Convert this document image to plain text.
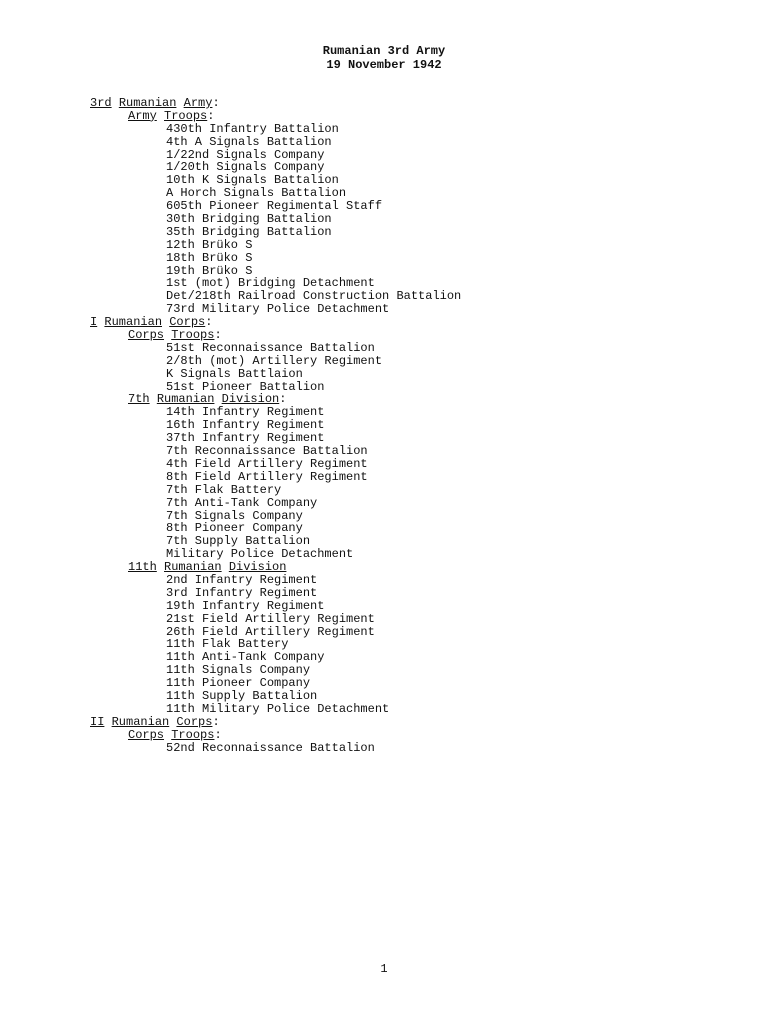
Rumanian 3rd Army
19 November 1942
3rd Rumanian Army:
Army Troops:
430th Infantry Battalion
4th A Signals Battalion
1/22nd Signals Company
1/20th Signals Company
10th K Signals Battalion
A Horch Signals Battalion
605th Pioneer Regimental Staff
30th Bridging Battalion
35th Bridging Battalion
12th Brüko S
18th Brüko S
19th Brüko S
1st (mot) Bridging Detachment
Det/218th Railroad Construction Battalion
73rd Military Police Detachment
I Rumanian Corps:
Corps Troops:
51st Reconnaissance Battalion
2/8th (mot) Artillery Regiment
K Signals Battlaion
51st Pioneer Battalion
7th Rumanian Division:
14th Infantry Regiment
16th Infantry Regiment
37th Infantry Regiment
7th Reconnaissance Battalion
4th Field Artillery Regiment
8th Field Artillery Regiment
7th Flak Battery
7th Anti-Tank Company
7th Signals Company
8th Pioneer Company
7th Supply Battalion
Military Police Detachment
11th Rumanian Division
2nd Infantry Regiment
3rd Infantry Regiment
19th Infantry Regiment
21st Field Artillery Regiment
26th Field Artillery Regiment
11th Flak Battery
11th Anti-Tank Company
11th Signals Company
11th Pioneer Company
11th Supply Battalion
11th Military Police Detachment
II Rumanian Corps:
Corps Troops:
52nd Reconnaissance Battalion
1
